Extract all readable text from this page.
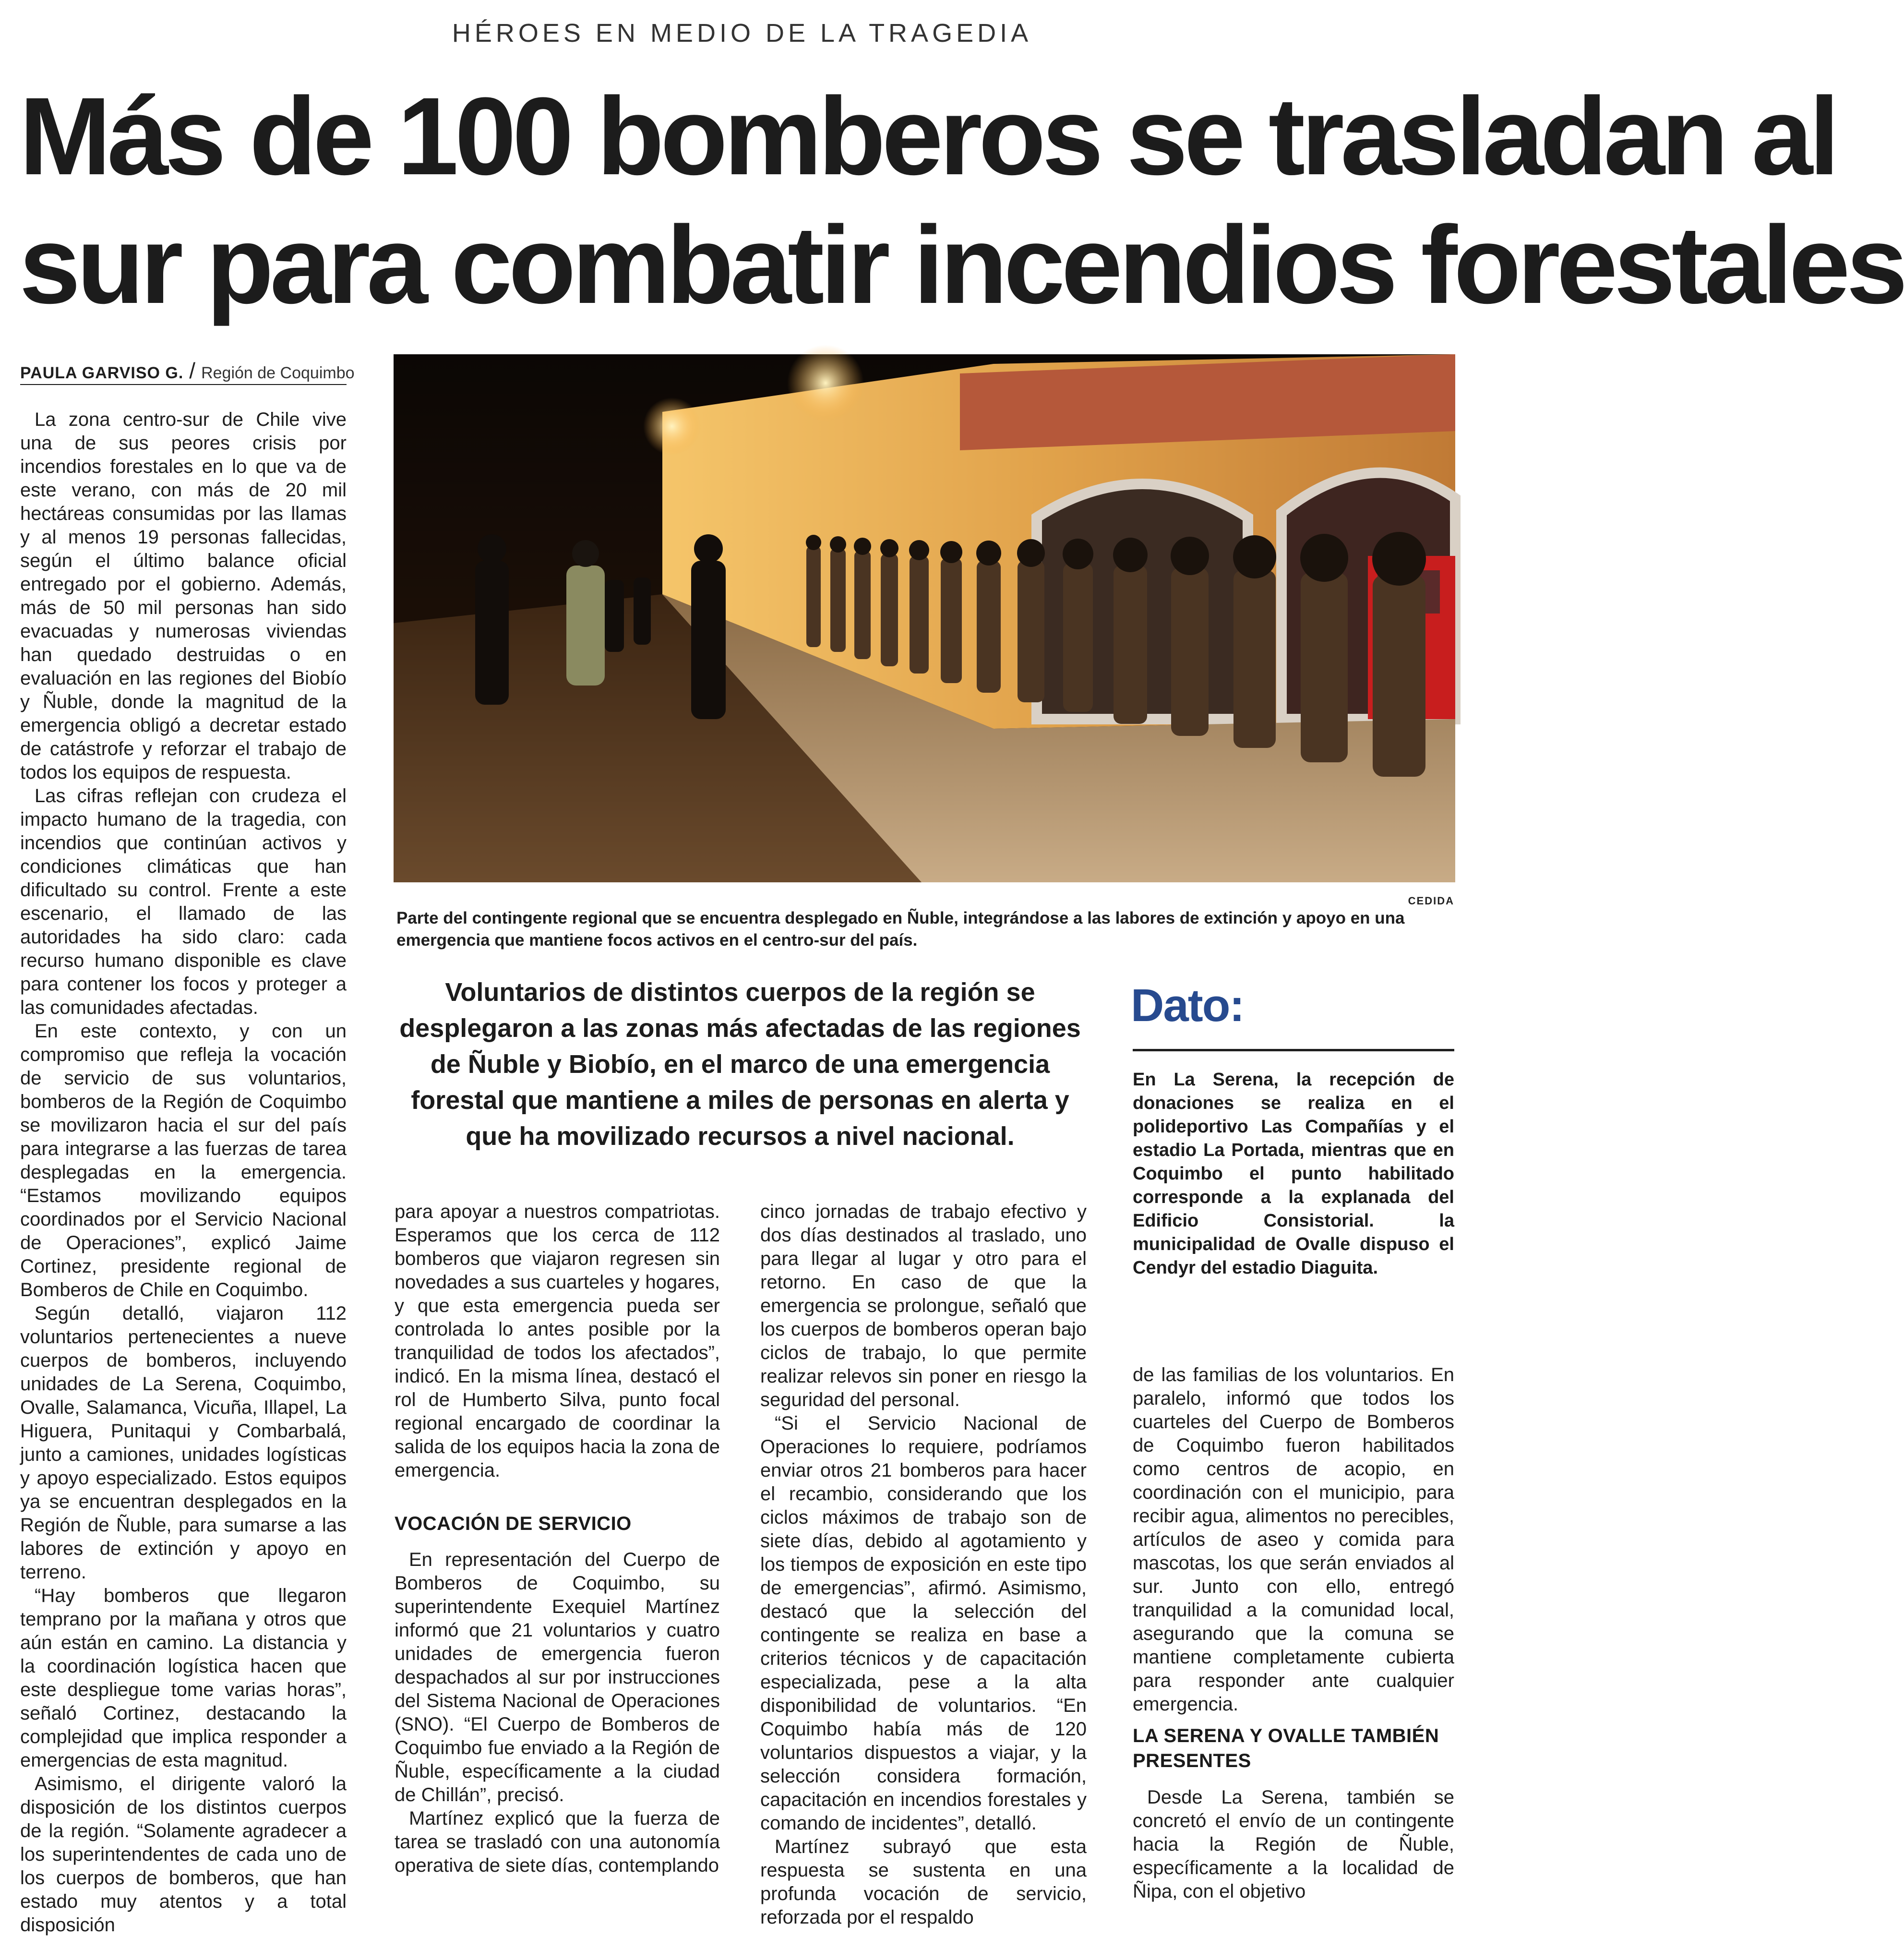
HÉROES EN MEDIO DE LA TRAGEDIA
Más de 100 bomberos se trasladan al
sur para combatir incendios forestales
PAULA GARVISO G. / Región de Coquimbo
CEDIDA
Parte del contingente regional que se encuentra desplegado en Ñuble, integrándose a las labores de extinción y apoyo en una emergencia que mantiene focos activos en el centro-sur del país.

La zona centro-sur de Chile vive una de sus peores crisis por incendios forestales en lo que va de este verano, con más de 20 mil hectáreas consumidas por las llamas y al menos 19 personas fallecidas, según el último balance oficial entregado por el gobierno. Además, más de 50 mil personas han sido evacuadas y numerosas viviendas han quedado destruidas o en evaluación en las regiones del Biobío y Ñuble, donde la magnitud de la emergencia obligó a decretar estado de catástrofe y reforzar el trabajo de todos los equipos de respuesta.

Las cifras reflejan con crudeza el impacto humano de la tragedia, con incendios que continúan activos y condiciones climáticas que han dificultado su control. Frente a este escenario, el llamado de las autoridades ha sido claro: cada recurso humano disponible es clave para contener los focos y proteger a las comunidades afectadas.

En este contexto, y con un compromiso que refleja la vocación de servicio de sus voluntarios, bomberos de la Región de Coquimbo se movilizaron hacia el sur del país para integrarse a las fuerzas de tarea desplegadas en la emergencia. “Estamos movilizando equipos coordinados por el Servicio Nacional de Operaciones”, explicó Jaime Cortinez, presidente regional de Bomberos de Chile en Coquimbo.

Según detalló, viajaron 112 voluntarios pertenecientes a nueve cuerpos de bomberos, incluyendo unidades de La Serena, Coquimbo, Ovalle, Salamanca, Vicuña, Illapel, La Higuera, Punitaqui y Combarbalá, junto a camiones, unidades logísticas y apoyo especializado. Estos equipos ya se encuentran desplegados en la Región de Ñuble, para sumarse a las labores de extinción y apoyo en terreno.

“Hay bomberos que llegaron temprano por la mañana y otros que aún están en camino. La distancia y la coordinación logística hacen que este despliegue tome varias horas”, señaló Cortinez, destacando la complejidad que implica responder a emergencias de esta magnitud.

Asimismo, el dirigente valoró la disposición de los distintos cuerpos de la región. “Solamente agradecer a los superintendentes de cada uno de los cuerpos de bomberos, que han estado muy atentos y a total disposición

Voluntarios de distintos cuerpos de la región se desplegaron a las zonas más afectadas de las regiones de Ñuble y Biobío, en el marco de una emergencia forestal que mantiene a miles de personas en alerta y que ha movilizado recursos a nivel nacional.
Dato:
En La Serena, la recepción de donaciones se realiza en el polideportivo Las Compañías y el estadio La Portada, mientras que en Coquimbo el punto habilitado corresponde a la explanada del Edificio Consistorial. la municipalidad de Ovalle dispuso el Cendyr del estadio Diaguita.

para apoyar a nuestros compatriotas. Esperamos que los cerca de 112 bomberos que viajaron regresen sin novedades a sus cuarteles y hogares, y que esta emergencia pueda ser controlada lo antes posible por la tranquilidad de todos los afectados”, indicó. En la misma línea, destacó el rol de Humberto Silva, punto focal regional encargado de coordinar la salida de los equipos hacia la zona de emergencia.

VOCACIÓN DE SERVICIO

En representación del Cuerpo de Bomberos de Coquimbo, su superintendente Exequiel Martínez informó que 21 voluntarios y cuatro unidades de emergencia fueron despachados al sur por instrucciones del Sistema Nacional de Operaciones (SNO). “El Cuerpo de Bomberos de Coquimbo fue enviado a la Región de Ñuble, específicamente a la ciudad de Chillán”, precisó.

Martínez explicó que la fuerza de tarea se trasladó con una autonomía operativa de siete días, contemplando

cinco jornadas de trabajo efectivo y dos días destinados al traslado, uno para llegar al lugar y otro para el retorno. En caso de que la emergencia se prolongue, señaló que los cuerpos de bomberos operan bajo ciclos de trabajo, lo que permite realizar relevos sin poner en riesgo la seguridad del personal.

“Si el Servicio Nacional de Operaciones lo requiere, podríamos enviar otros 21 bomberos para hacer el recambio, considerando que los ciclos máximos de trabajo son de siete días, debido al agotamiento y los tiempos de exposición en este tipo de emergencias”, afirmó. Asimismo, destacó que la selección del contingente se realiza en base a criterios técnicos y de capacitación especializada, pese a la alta disponibilidad de voluntarios. “En Coquimbo había más de 120 voluntarios dispuestos a viajar, y la selección considera formación, capacitación en incendios forestales y comando de incidentes”, detalló.

Martínez subrayó que esta respuesta se sustenta en una profunda vocación de servicio, reforzada por el respaldo

de las familias de los voluntarios. En paralelo, informó que todos los cuarteles del Cuerpo de Bomberos de Coquimbo fueron habilitados como centros de acopio, en coordinación con el municipio, para recibir agua, alimentos no perecibles, artículos de aseo y comida para mascotas, los que serán enviados al sur. Junto con ello, entregó tranquilidad a la comunidad local, asegurando que la comuna se mantiene completamente cubierta para responder ante cualquier emergencia.

LA SERENA Y OVALLE TAMBIÉN PRESENTES

Desde La Serena, también se concretó el envío de un contingente hacia la Región de Ñuble, específicamente a la localidad de Ñipa, con el objetivo
